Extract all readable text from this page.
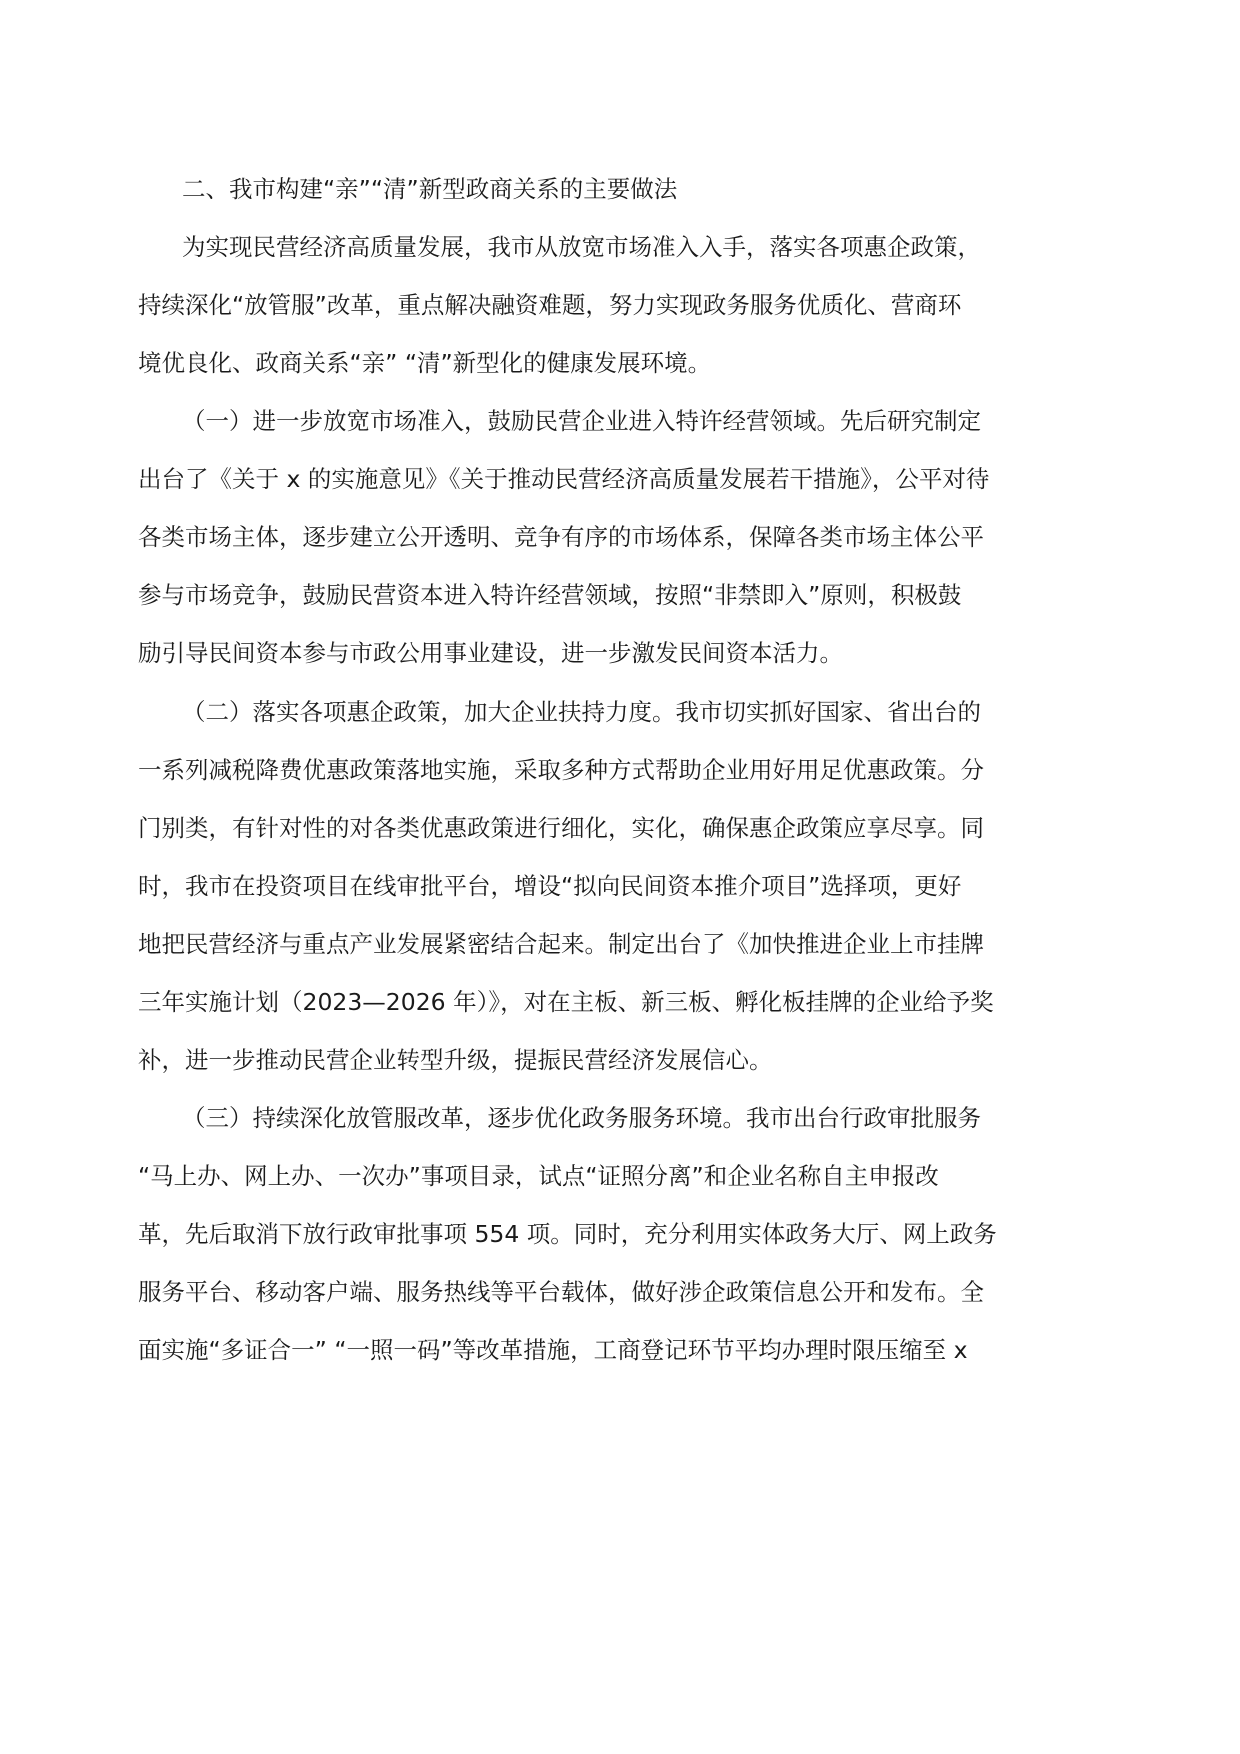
二、我市构建“亲”“清”新型政商关系的主要做法
为实现民营经济高质量发展，我市从放宽市场准入入手，落实各项惠企政策，
持续深化“放管服”改革，重点解决融资难题，努力实现政务服务优质化、营商环
境优良化、政商关系“亲” “清”新型化的健康发展环境。
（一）进一步放宽市场准入，鼓励民营企业进入特许经营领域。先后研究制定
出台了《关于 x 的实施意见》《关于推动民营经济高质量发展若干措施》，公平对待
各类市场主体，逐步建立公开透明、竞争有序的市场体系，保障各类市场主体公平
参与市场竞争，鼓励民营资本进入特许经营领域，按照“非禁即入”原则，积极鼓
励引导民间资本参与市政公用事业建设，进一步激发民间资本活力。
（二）落实各项惠企政策，加大企业扶持力度。我市切实抓好国家、省出台的
一系列减税降费优惠政策落地实施，采取多种方式帮助企业用好用足优惠政策。分
门别类，有针对性的对各类优惠政策进行细化，实化，确保惠企政策应享尽享。同
时，我市在投资项目在线审批平台，增设“拟向民间资本推介项目”选择项，更好
地把民营经济与重点产业发展紧密结合起来。制定出台了《加快推进企业上市挂牌
三年实施计划（2023—2026 年）》，对在主板、新三板、孵化板挂牌的企业给予奖
补，进一步推动民营企业转型升级，提振民营经济发展信心。
（三）持续深化放管服改革，逐步优化政务服务环境。我市出台行政审批服务
“马上办、网上办、一次办”事项目录，试点“证照分离”和企业名称自主申报改
革，先后取消下放行政审批事项 554 项。同时，充分利用实体政务大厅、网上政务
服务平台、移动客户端、服务热线等平台载体，做好涉企政策信息公开和发布。全
面实施“多证合一” “一照一码”等改革措施，工商登记环节平均办理时限压缩至 x
